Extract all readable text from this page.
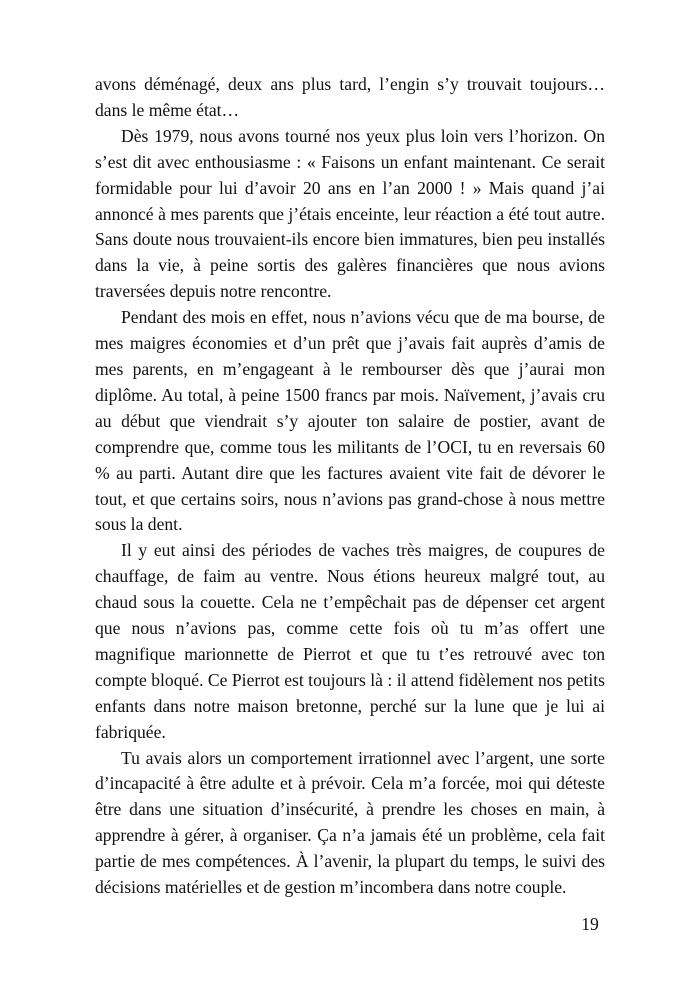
avons déménagé, deux ans plus tard, l’engin s’y trouvait toujours… dans le même état…

Dès 1979, nous avons tourné nos yeux plus loin vers l’horizon. On s’est dit avec enthousiasme : « Faisons un enfant maintenant. Ce serait formidable pour lui d’avoir 20 ans en l’an 2000 ! » Mais quand j’ai annoncé à mes parents que j’étais enceinte, leur réaction a été tout autre. Sans doute nous trouvaient-ils encore bien immatures, bien peu installés dans la vie, à peine sortis des galères financières que nous avions traversées depuis notre rencontre.

Pendant des mois en effet, nous n’avions vécu que de ma bourse, de mes maigres économies et d’un prêt que j’avais fait auprès d’amis de mes parents, en m’engageant à le rembourser dès que j’aurai mon diplôme. Au total, à peine 1500 francs par mois. Naïvement, j’avais cru au début que viendrait s’y ajouter ton salaire de postier, avant de comprendre que, comme tous les militants de l’OCI, tu en reversais 60 % au parti. Autant dire que les factures avaient vite fait de dévorer le tout, et que certains soirs, nous n’avions pas grand-chose à nous mettre sous la dent.

Il y eut ainsi des périodes de vaches très maigres, de coupures de chauffage, de faim au ventre. Nous étions heureux malgré tout, au chaud sous la couette. Cela ne t’empêchait pas de dépenser cet argent que nous n’avions pas, comme cette fois où tu m’as offert une magnifique marionnette de Pierrot et que tu t’es retrouvé avec ton compte bloqué. Ce Pierrot est toujours là : il attend fidèlement nos petits enfants dans notre maison bretonne, perché sur la lune que je lui ai fabriquée.

Tu avais alors un comportement irrationnel avec l’argent, une sorte d’incapacité à être adulte et à prévoir. Cela m’a forcée, moi qui déteste être dans une situation d’insécurité, à prendre les choses en main, à apprendre à gérer, à organiser. Ça n’a jamais été un problème, cela fait partie de mes compétences. À l’avenir, la plupart du temps, le suivi des décisions matérielles et de gestion m’incombera dans notre couple.

19
